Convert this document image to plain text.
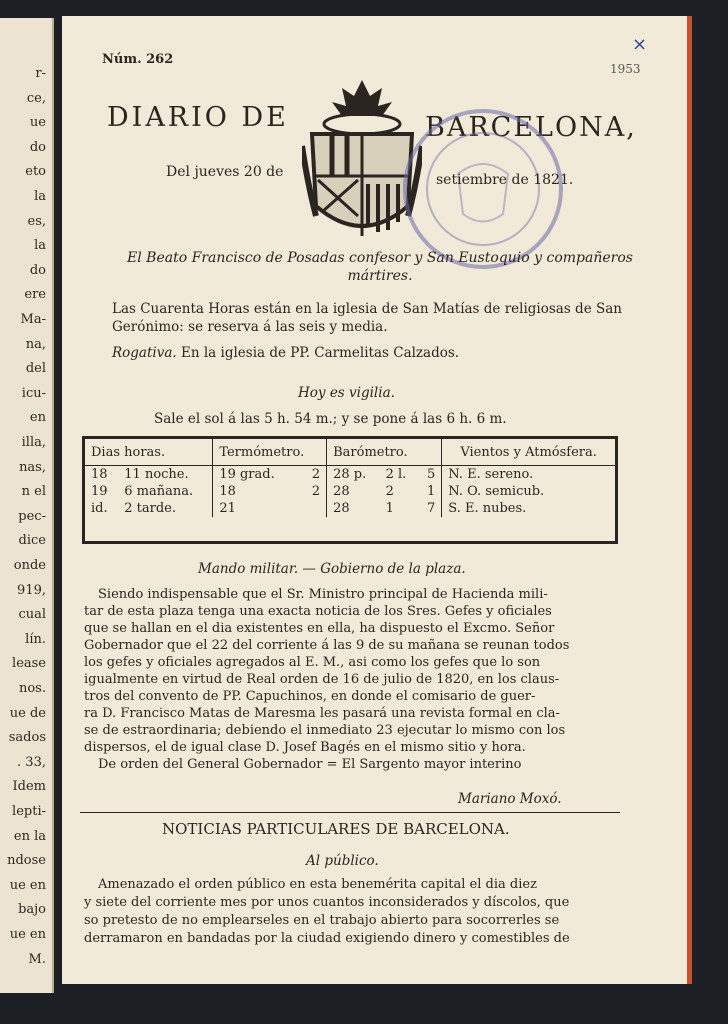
r-
ce,
ue
do
eto
la
es,
la
do
ere
Ma-
na,
del
icu-
en
illa,
nas,
n el
pec-
dice
onde
919,
cual
lín.
lease
nos.
ue de
sados
. 33,
Idem
lepti-
en la
ndose
ue en
bajo
ue en
M.
Núm. 262
1953
×
DIARIO DE	BARCELONA,
Del jueves 20 de	setiembre de 1821.
El Beato Francisco de Posadas confesor y San Eustoquio y compañeros mártires.
Las Cuarenta Horas están en la iglesia de San Matías de religiosas de San Gerónimo: se reserva á las seis y media.
Rogativa. En la iglesia de PP. Carmelitas Calzados.
Hoy es vigilia.
Sale el sol á las 5 h. 54 m.; y se pone á las 6 h. 6 m.
Dias horas.		Termómetro.		Barómetro.			Vientos y Atmósfera.
18	11 noche.	19 grad.	2	28 p.	2 l.	5	N. E. sereno.
19	6 mañana.	18	2	28	2	1	N. O. semicub.
id.	2 tarde.	21		28	1	7	S. E. nubes.
Mando militar. — Gobierno de la plaza.
Siendo indispensable que el Sr. Ministro principal de Hacienda mili-
tar de esta plaza tenga una exacta noticia de los Sres. Gefes y oficiales
que se hallan en el dia existentes en ella, ha dispuesto el Excmo. Señor
Gobernador que el 22 del corriente á las 9 de su mañana se reunan todos
los gefes y oficiales agregados al E. M., asi como los gefes que lo son
igualmente en virtud de Real orden de 16 de julio de 1820, en los claus-
tros del convento de PP. Capuchinos, en donde el comisario de guer-
ra D. Francisco Matas de Maresma les pasará una revista formal en cla-
se de estraordinaria; debiendo el inmediato 23 ejecutar lo mismo con los
dispersos, el de igual clase D. Josef Bagés en el mismo sitio y hora.
De orden del General Gobernador = El Sargento mayor interino
Mariano Moxó.
NOTICIAS PARTICULARES DE BARCELONA.
Al público.
Amenazado el orden público en esta benemérita capital el dia diez
y siete del corriente mes por unos cuantos inconsiderados y díscolos, que
so pretesto de no emplearseles en el trabajo abierto para socorrerles se
derramaron en bandadas por la ciudad exigiendo dinero y comestibles de
